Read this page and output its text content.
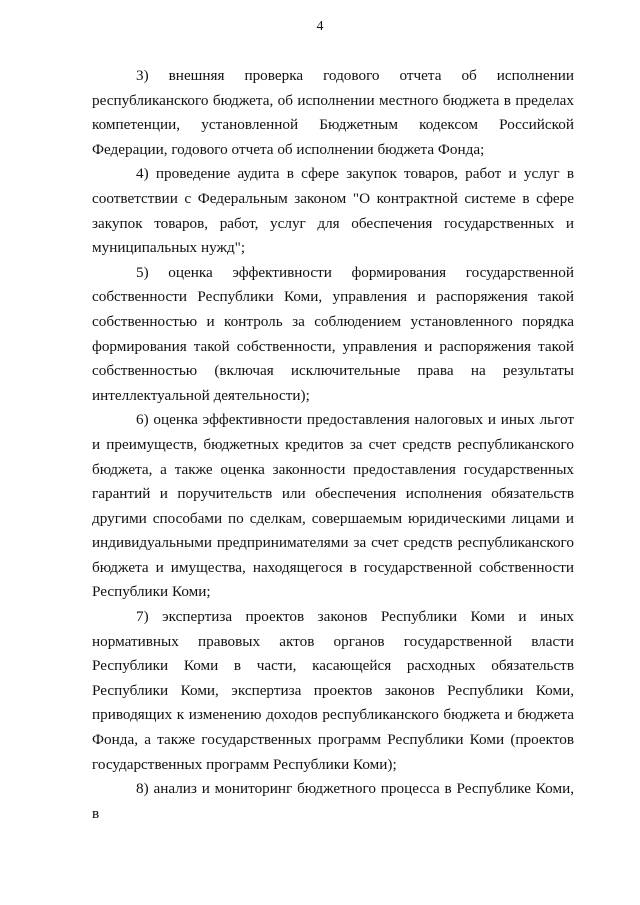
4

3) внешняя проверка годового отчета об исполнении республиканского бюджета, об исполнении местного бюджета в пределах компетенции, установленной Бюджетным кодексом Российской Федерации, годового отчета об исполнении бюджета Фонда;

4) проведение аудита в сфере закупок товаров, работ и услуг в соответствии с Федеральным законом "О контрактной системе в сфере закупок товаров, работ, услуг для обеспечения государственных и муниципальных нужд";

5) оценка эффективности формирования государственной собственности Республики Коми, управления и распоряжения такой собственностью и контроль за соблюдением установленного порядка формирования такой собственности, управления и распоряжения такой собственностью (включая исключительные права на результаты интеллектуальной деятельности);

6) оценка эффективности предоставления налоговых и иных льгот и преимуществ, бюджетных кредитов за счет средств республиканского бюджета, а также оценка законности предоставления государственных гарантий и поручительств или обеспечения исполнения обязательств другими способами по сделкам, совершаемым юридическими лицами и индивидуальными предпринимателями за счет средств республиканского бюджета и имущества, находящегося в государственной собственности Республики Коми;

7) экспертиза проектов законов Республики Коми и иных нормативных правовых актов органов государственной власти Республики Коми в части, касающейся расходных обязательств Республики Коми, экспертиза проектов законов Республики Коми, приводящих к изменению доходов республиканского бюджета и бюджета Фонда, а также государственных программ Республики Коми (проектов государственных программ Республики Коми);

8) анализ и мониторинг бюджетного процесса в Республике Коми, в
